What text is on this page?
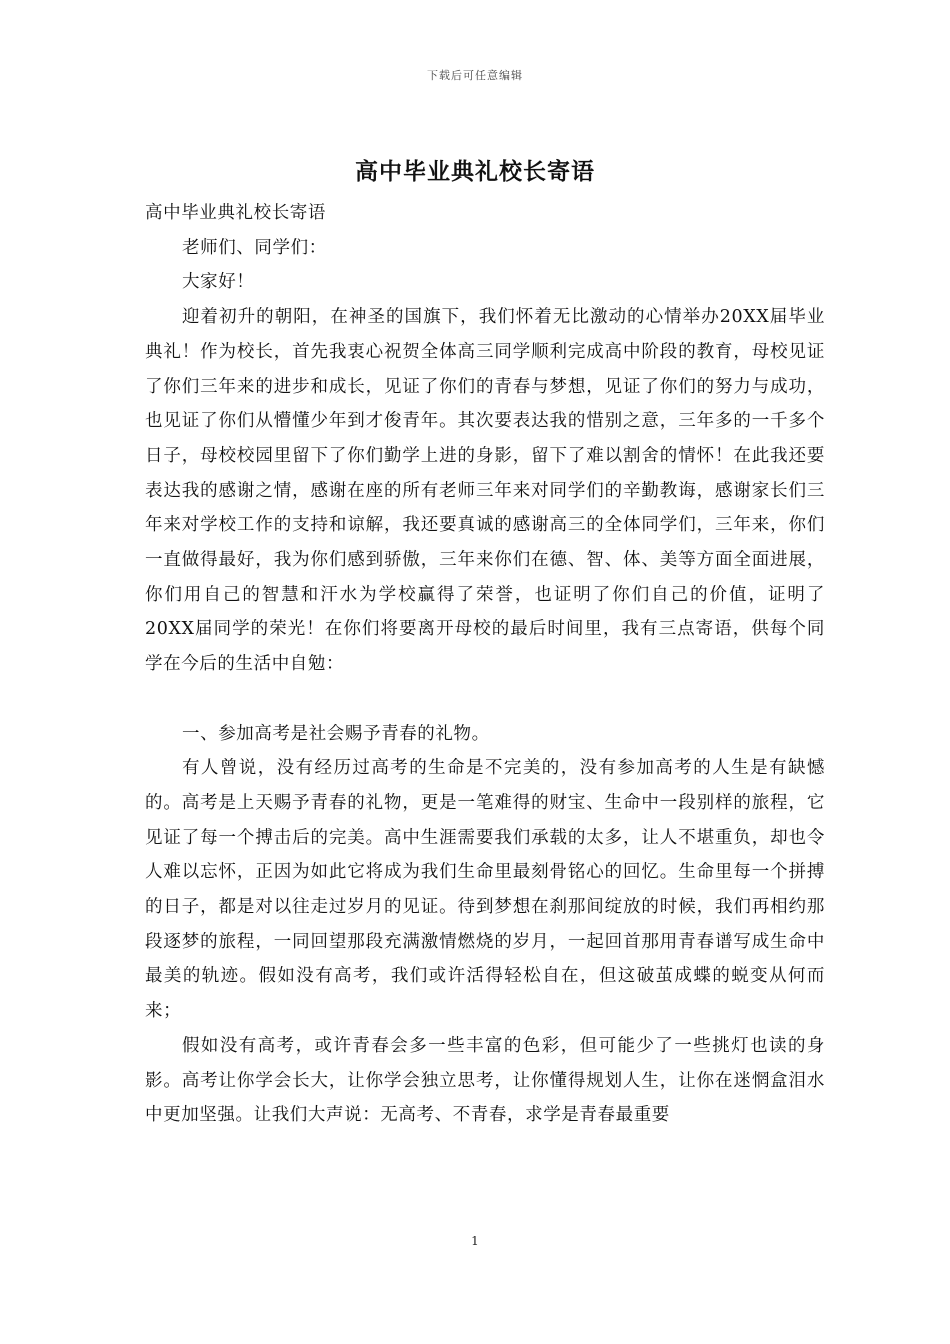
下载后可任意编辑
高中毕业典礼校长寄语

高中毕业典礼校长寄语

老师们、同学们：

大家好！

迎着初升的朝阳，在神圣的国旗下，我们怀着无比激动的心情举办20XX届毕业典礼！作为校长，首先我衷心祝贺全体高三同学顺利完成高中阶段的教育，母校见证了你们三年来的进步和成长，见证了你们的青春与梦想，见证了你们的努力与成功，也见证了你们从懵懂少年到才俊青年。其次要表达我的惜别之意，三年多的一千多个日子，母校校园里留下了你们勤学上进的身影，留下了难以割舍的情怀！在此我还要表达我的感谢之情，感谢在座的所有老师三年来对同学们的辛勤教诲，感谢家长们三年来对学校工作的支持和谅解，我还要真诚的感谢高三的全体同学们，三年来，你们一直做得最好，我为你们感到骄傲，三年来你们在德、智、体、美等方面全面进展，你们用自己的智慧和汗水为学校赢得了荣誉，也证明了你们自己的价值，证明了20XX届同学的荣光！在你们将要离开母校的最后时间里，我有三点寄语，供每个同学在今后的生活中自勉：

一、参加高考是社会赐予青春的礼物。

有人曾说，没有经历过高考的生命是不完美的，没有参加高考的人生是有缺憾的。高考是上天赐予青春的礼物，更是一笔难得的财宝、生命中一段别样的旅程，它见证了每一个搏击后的完美。高中生涯需要我们承载的太多，让人不堪重负，却也令人难以忘怀，正因为如此它将成为我们生命里最刻骨铭心的回忆。生命里每一个拼搏的日子，都是对以往走过岁月的见证。待到梦想在刹那间绽放的时候，我们再相约那段逐梦的旅程，一同回望那段充满激情燃烧的岁月，一起回首那用青春谱写成生命中最美的轨迹。假如没有高考，我们或许活得轻松自在，但这破茧成蝶的蜕变从何而来；

假如没有高考，或许青春会多一些丰富的色彩，但可能少了一些挑灯也读的身影。高考让你学会长大，让你学会独立思考，让你懂得规划人生，让你在迷惘盒泪水中更加坚强。让我们大声说：无高考、不青春，求学是青春最重要

1
